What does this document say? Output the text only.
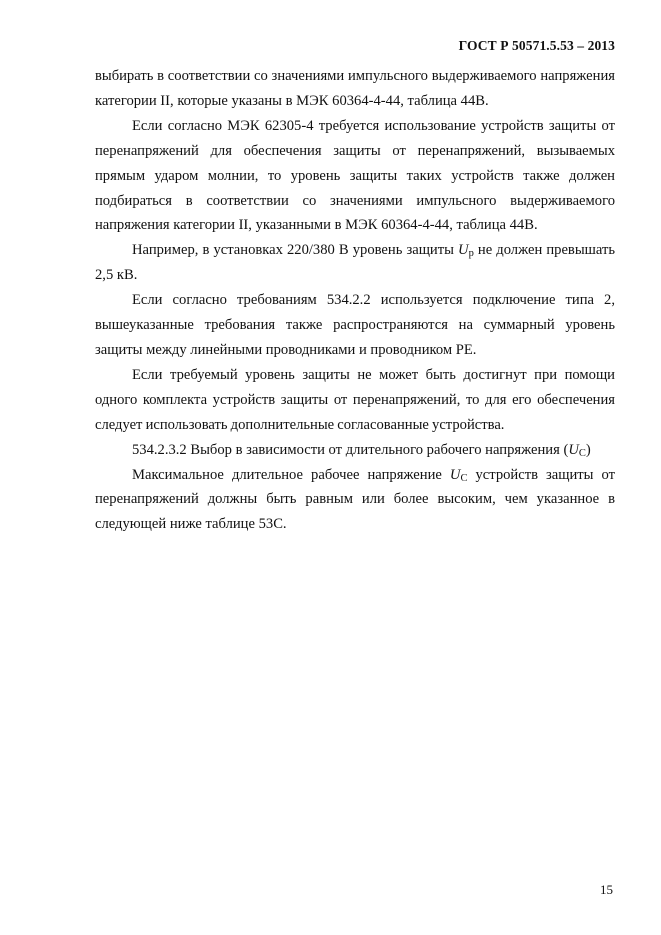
ГОСТ Р 50571.5.53 – 2013

выбирать в соответствии со значениями импульсного выдерживаемого напряжения категории II, которые указаны в МЭК 60364-4-44, таблица 44В.

Если согласно МЭК 62305-4 требуется использование устройств защиты от перенапряжений для обеспечения защиты от перенапряжений, вызываемых прямым ударом молнии, то уровень защиты таких устройств также должен подбираться в соответствии со значениями импульсного выдерживаемого напряжения категории II, указанными в МЭК 60364-4-44, таблица 44В.

Например, в установках 220/380 В уровень защиты Up не должен превышать 2,5 кВ.

Если согласно требованиям 534.2.2 используется подключение типа 2, вышеуказанные требования также распространяются на суммарный уровень защиты между линейными проводниками и проводником PE.

Если требуемый уровень защиты не может быть достигнут при помощи одного комплекта устройств защиты от перенапряжений, то для его обеспечения следует использовать дополнительные согласованные устройства.

534.2.3.2 Выбор в зависимости от длительного рабочего напряжения (UC)

Максимальное длительное рабочее напряжение UC устройств защиты от перенапряжений должны быть равным или более высоким, чем указанное в следующей ниже таблице 53С.

15
